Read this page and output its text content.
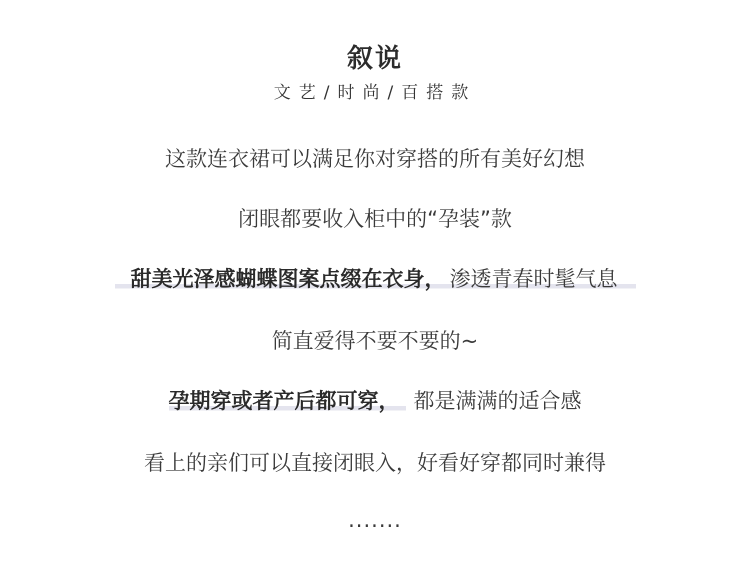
叙说

文艺/时尚/百搭款

这款连衣裙可以满足你对穿搭的所有美好幻想

闭眼都要收入柜中的“孕装”款

甜美光泽感蝴蝶图案点缀在衣身， 渗透青春时髦气息

简直爱得不要不要的~

孕期穿或者产后都可穿， 都是满满的适合感

看上的亲们可以直接闭眼入，好看好穿都同时兼得

.......
